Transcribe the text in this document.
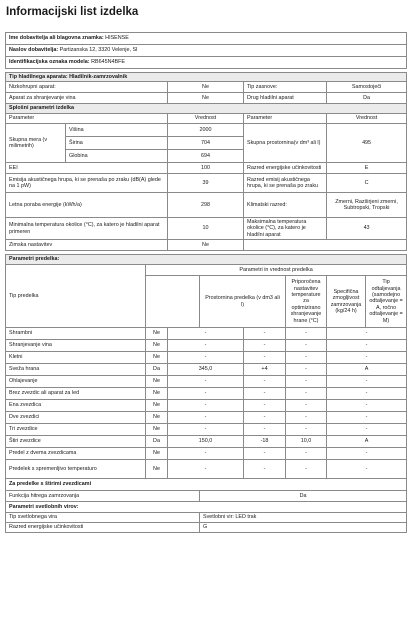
Informacijski list izdelka
Ime dobavitelja ali blagovna znamka: HISENSE								
Naslov dobavitelja: Partizanska 12, 3320 Velenje, SI								
Identifikacijska oznaka modela: RB645N4BFE								

Tip hladilnega aparata: Hladilnik-zamrzovalnik								
Nizkohrupni aparat:			Ne		Tip zasnove:		Samostoječi	
Aparat za shranjevanje vina			Ne		Drug hladilni aparat		Da	
Splošni parametri izdelka								
Parameter			Vrednost		Parameter		Vrednost	
Skupna mera (v milimetrih)	Višina		2000		Skupna prostornina(v dm³ ali l)		495	
	Širina		704					
	Globina		694					
EEI			100		Razred energijske učinkovitosti		E	
Emisija akustičnega hrupa, ki se prenaša po zraku (dB(A) glede na 1 pW)			39		Razred emisij akustičnega hrupa, ki se prenaša po zraku		C	
Letna poraba energije (kWh/a)			298		Klimatski razred:		Zmerni, Razširjeni zmerni, Subtropski, Tropski	
Minimalna temperatura okolice (°C), za katero je hladilni aparat primeren			10		Maksimalna temperatura okolice (°C), za katero je hladilni aparat		43	
Zimska nastavitev			Ne					

Parametri predelka:								
Tip predelka		Parametri in vrednost predelka						
				Prostornina predelka (v dm3 ali l)		Priporočena nastavitev temperature za optimizirano shranjevanje hrane (°C)	Specifična zmogljivost zamrzovanja (kg/24 h)	Tip odtaljevanja (samodejno odtaljevanje = A, ročno odtaljevanje = M)
Shrambni		Ne	-		-	-	-	
Shranjevanje vina		Ne	-		-	-	-	
Kletni		Ne	-		-	-	-	
Sveža hrana		Da	345,0		+4	-	A	
Ohlajevanje		Ne	-		-	-	-	
Brez zvezdic ali aparat za led		Ne	-		-	-	-	
Ena zvezdica		Ne	-		-	-	-	
Dve zvezdici		Ne	-		-	-	-	
Tri zvezdice		Ne	-		-	-	-	
Štiri zvezdice		Da	150,0		-18	10,0	A	
Predel z dvema zvezdicama		Ne	-		-	-	-	
Predelek s spremenljivo temperaturo		Ne	-		-	-	-	
Za predelke s štirimi zvezdicami								
Funkcija hitrega zamrzovanja				Da				
Parametri svetlobnih virov:								
Tip svetlobnega vira				Svetlobni vir: LED trak				
Razred energijske učinkovitosti				G				
